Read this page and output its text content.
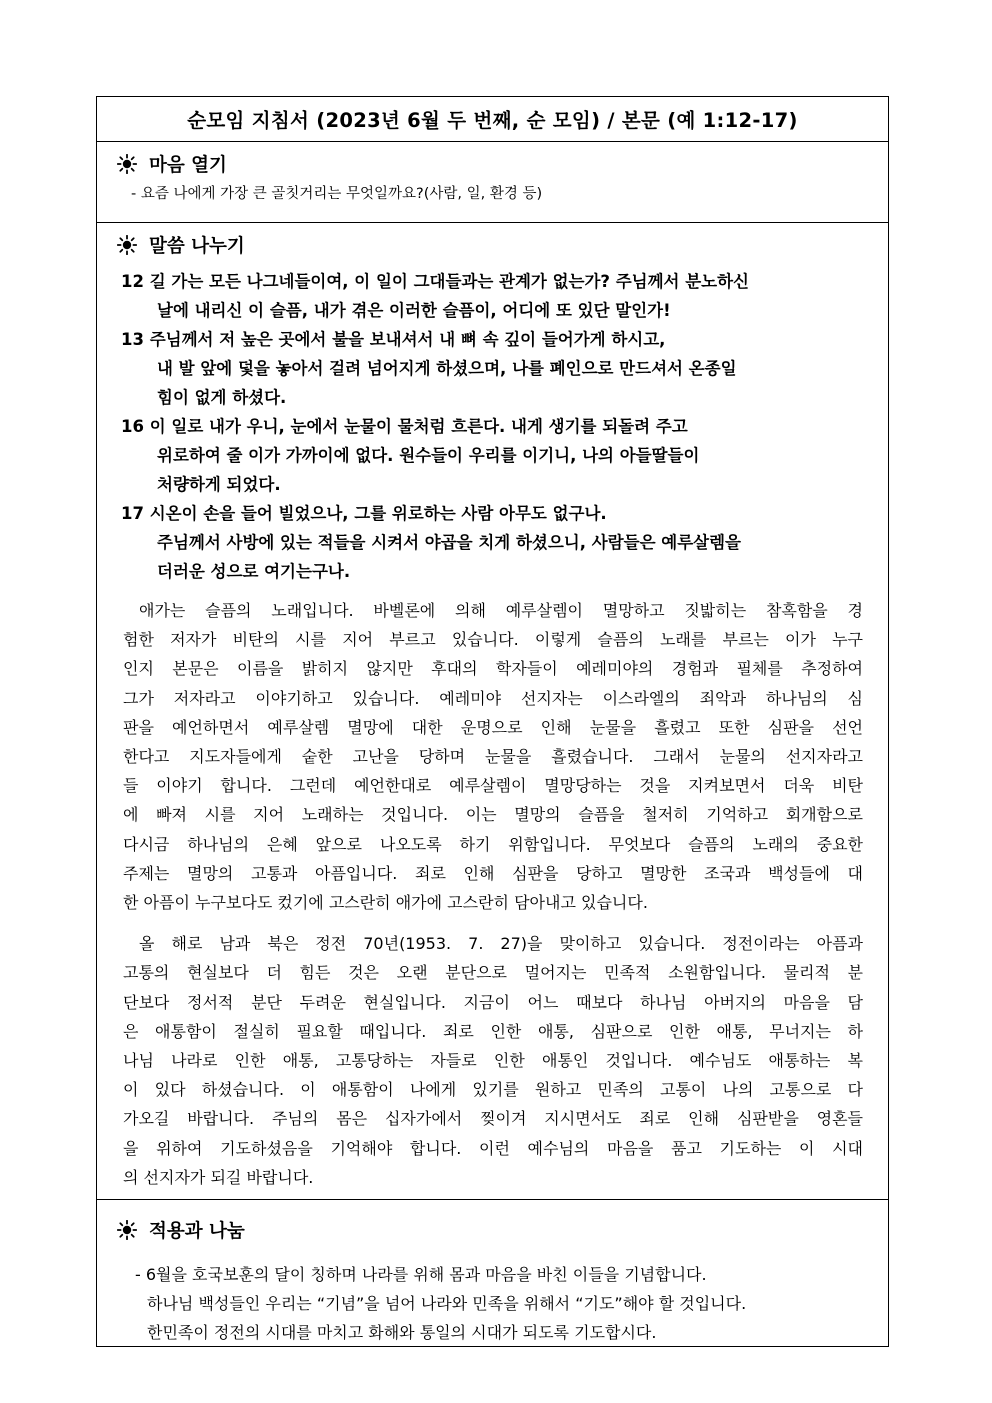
순모임 지침서 (2023년 6월 두 번째, 순 모임) / 본문 (예 1:12-17)
마음 열기
- 요즘 나에게 가장 큰 골칫거리는 무엇일까요?(사람, 일, 환경 등)
말씀 나누기
12 길 가는 모든 나그네들이여, 이 일이 그대들과는 관계가 없는가? 주님께서 분노하신
날에 내리신 이 슬픔, 내가 겪은 이러한 슬픔이, 어디에 또 있단 말인가!
13 주님께서 저 높은 곳에서 불을 보내셔서 내 뼈 속 깊이 들어가게 하시고,
내 발 앞에 덫을 놓아서 걸려 넘어지게 하셨으며, 나를 폐인으로 만드셔서 온종일
힘이 없게 하셨다.
16 이 일로 내가 우니, 눈에서 눈물이 물처럼 흐른다. 내게 생기를 되돌려 주고
위로하여 줄 이가 가까이에 없다. 원수들이 우리를 이기니, 나의 아들딸들이
처량하게 되었다.
17 시온이 손을 들어 빌었으나, 그를 위로하는 사람 아무도 없구나.
주님께서 사방에 있는 적들을 시켜서 야곱을 치게 하셨으니, 사람들은 예루살렘을
더러운 성으로 여기는구나.
애가는 슬픔의 노래입니다. 바벨론에 의해 예루살렘이 멸망하고 짓밟히는 참혹함을 경
험한 저자가 비탄의 시를 지어 부르고 있습니다. 이렇게 슬픔의 노래를 부르는 이가 누구
인지 본문은 이름을 밝히지 않지만 후대의 학자들이 예레미야의 경험과 필체를 추정하여
그가 저자라고 이야기하고 있습니다. 예레미야 선지자는 이스라엘의 죄악과 하나님의 심
판을 예언하면서 예루살렘 멸망에 대한 운명으로 인해 눈물을 흘렸고 또한 심판을 선언
한다고 지도자들에게 숱한 고난을 당하며 눈물을 흘렸습니다. 그래서 눈물의 선지자라고
들 이야기 합니다. 그런데 예언한대로 예루살렘이 멸망당하는 것을 지켜보면서 더욱 비탄
에 빠져 시를 지어 노래하는 것입니다. 이는 멸망의 슬픔을 철저히 기억하고 회개함으로
다시금 하나님의 은혜 앞으로 나오도록 하기 위함입니다. 무엇보다 슬픔의 노래의 중요한
주제는 멸망의 고통과 아픔입니다. 죄로 인해 심판을 당하고 멸망한 조국과 백성들에 대
한 아픔이 누구보다도 컸기에 고스란히 애가에 고스란히 담아내고 있습니다.
올 해로 남과 북은 정전 70년(1953. 7. 27)을 맞이하고 있습니다. 정전이라는 아픔과
고통의 현실보다 더 힘든 것은 오랜 분단으로 멀어지는 민족적 소원함입니다. 물리적 분
단보다 정서적 분단 두려운 현실입니다. 지금이 어느 때보다 하나님 아버지의 마음을 담
은 애통함이 절실히 필요할 때입니다. 죄로 인한 애통, 심판으로 인한 애통, 무너지는 하
나님 나라로 인한 애통, 고통당하는 자들로 인한 애통인 것입니다. 예수님도 애통하는 복
이 있다 하셨습니다. 이 애통함이 나에게 있기를 원하고 민족의 고통이 나의 고통으로 다
가오길 바랍니다. 주님의 몸은 십자가에서 찢이겨 지시면서도 죄로 인해 심판받을 영혼들
을 위하여 기도하셨음을 기억해야 합니다. 이런 예수님의 마음을 품고 기도하는 이 시대
의 선지자가 되길 바랍니다.
적용과 나눔
- 6월을 호국보훈의 달이 칭하며 나라를 위해 몸과 마음을 바친 이들을 기념합니다.
하나님 백성들인 우리는 “기념”을 넘어 나라와 민족을 위해서 “기도”해야 할 것입니다.
한민족이 정전의 시대를 마치고 화해와 통일의 시대가 되도록 기도합시다.
